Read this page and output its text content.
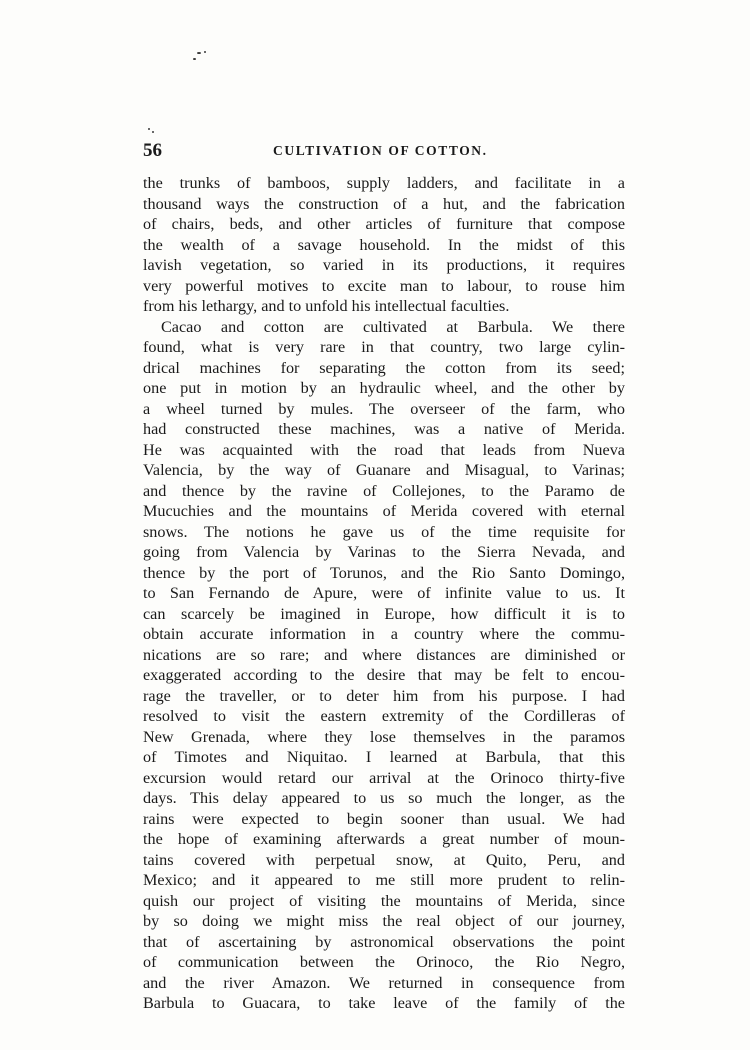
56	CULTIVATION OF COTTON.
the trunks of bamboos, supply ladders, and facilitate in a
thousand ways the construction of a hut, and the fabrication
of chairs, beds, and other articles of furniture that compose
the wealth of a savage household. In the midst of this
lavish vegetation, so varied in its productions, it requires
very powerful motives to excite man to labour, to rouse him
from his lethargy, and to unfold his intellectual faculties.
Cacao and cotton are cultivated at Barbula. We there
found, what is very rare in that country, two large cylin-
drical machines for separating the cotton from its seed;
one put in motion by an hydraulic wheel, and the other by
a wheel turned by mules. The overseer of the farm, who
had constructed these machines, was a native of Merida.
He was acquainted with the road that leads from Nueva
Valencia, by the way of Guanare and Misagual, to Varinas;
and thence by the ravine of Collejones, to the Paramo de
Mucuchies and the mountains of Merida covered with eternal
snows. The notions he gave us of the time requisite for
going from Valencia by Varinas to the Sierra Nevada, and
thence by the port of Torunos, and the Rio Santo Domingo,
to San Fernando de Apure, were of infinite value to us. It
can scarcely be imagined in Europe, how difficult it is to
obtain accurate information in a country where the commu-
nications are so rare; and where distances are diminished or
exaggerated according to the desire that may be felt to encou-
rage the traveller, or to deter him from his purpose. I had
resolved to visit the eastern extremity of the Cordilleras of
New Grenada, where they lose themselves in the paramos
of Timotes and Niquitao. I learned at Barbula, that this
excursion would retard our arrival at the Orinoco thirty-five
days. This delay appeared to us so much the longer, as the
rains were expected to begin sooner than usual. We had
the hope of examining afterwards a great number of moun-
tains covered with perpetual snow, at Quito, Peru, and
Mexico; and it appeared to me still more prudent to relin-
quish our project of visiting the mountains of Merida, since
by so doing we might miss the real object of our journey,
that of ascertaining by astronomical observations the point
of communication between the Orinoco, the Rio Negro,
and the river Amazon. We returned in consequence from
Barbula to Guacara, to take leave of the family of the
